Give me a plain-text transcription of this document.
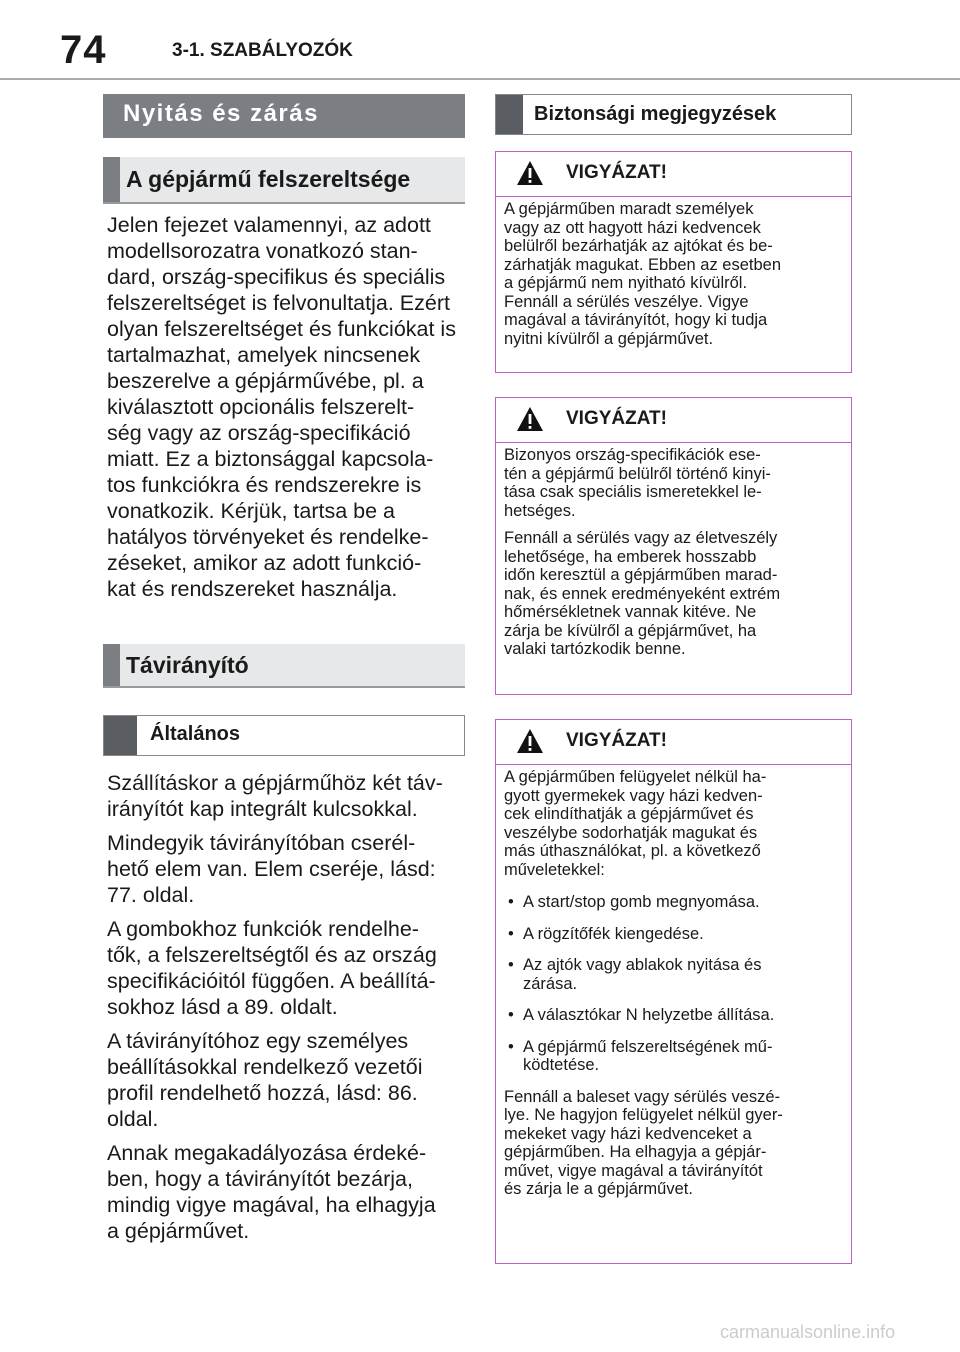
74	3-1. SZABÁLYOZÓK
Nyitás és zárás
A gépjármű felszereltsége

Jelen fejezet valamennyi, az adott
modellsorozatra vonatkozó stan-
dard, ország-specifikus és speciális
felszereltséget is felvonultatja. Ezért
olyan felszereltséget és funkciókat is
tartalmazhat, amelyek nincsenek
beszerelve a gépjárművébe, pl. a
kiválasztott opcionális felszerelt-
ség vagy az ország-specifikáció
miatt. Ez a biztonsággal kapcsola-
tos funkciókra és rendszerekre is
vonatkozik. Kérjük, tartsa be a
hatályos törvényeket és rendelke-
zéseket, amikor az adott funkció-
kat és rendszereket használja.

Távirányító
Általános

Szállításkor a gépjárműhöz két táv-
irányítót kap integrált kulcsokkal.

Mindegyik távirányítóban cserél-
hető elem van. Elem cseréje, lásd:
77. oldal.

A gombokhoz funkciók rendelhe-
tők, a felszereltségtől és az ország
specifikációitól függően. A beállítá-
sokhoz lásd a 89. oldalt.

A távirányítóhoz egy személyes
beállításokkal rendelkező vezetői
profil rendelhető hozzá, lásd: 86.
oldal.

Annak megakadályozása érdeké-
ben, hogy a távirányítót bezárja,
mindig vigye magával, ha elhagyja
a gépjárművet.

Biztonsági megjegyzések
VIGYÁZAT!

A gépjárműben maradt személyek
vagy az ott hagyott házi kedvencek
belülről bezárhatják az ajtókat és be-
zárhatják magukat. Ebben az esetben
a gépjármű nem nyitható kívülről.
Fennáll a sérülés veszélye. Vigye
magával a távirányítót, hogy ki tudja
nyitni kívülről a gépjárművet.

VIGYÁZAT!

Bizonyos ország-specifikációk ese-
tén a gépjármű belülről történő kinyi-
tása csak speciális ismeretekkel le-
hetséges.

Fennáll a sérülés vagy az életveszély
lehetősége, ha emberek hosszabb
időn keresztül a gépjárműben marad-
nak, és ennek eredményeként extrém
hőmérsékletnek vannak kitéve. Ne
zárja be kívülről a gépjárművet, ha
valaki tartózkodik benne.

VIGYÁZAT!

A gépjárműben felügyelet nélkül ha-
gyott gyermekek vagy házi kedven-
cek elindíthatják a gépjárművet és
veszélybe sodorhatják magukat és
más úthasználókat, pl. a következő
műveletekkel:

• A start/stop gomb megnyomása.
• A rögzítőfék kiengedése.
• Az ajtók vagy ablakok nyitása és
zárása.
• A választókar N helyzetbe állítása.
• A gépjármű felszereltségének mű-
ködtetése.

Fennáll a baleset vagy sérülés veszé-
lye. Ne hagyjon felügyelet nélkül gyer-
mekeket vagy házi kedvenceket a
gépjárműben. Ha elhagyja a gépjár-
művet, vigye magával a távirányítót
és zárja le a gépjárművet.

carmanualsonline.info
